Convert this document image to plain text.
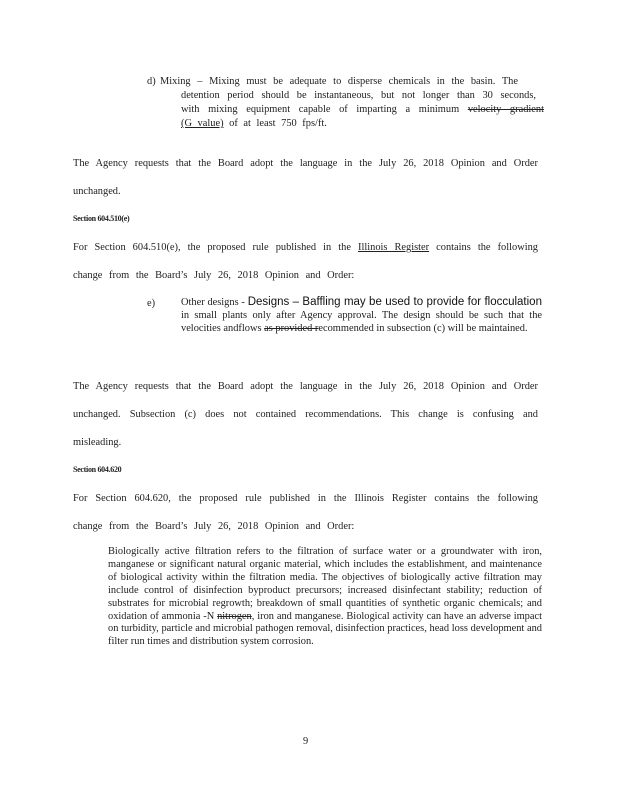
d) Mixing – Mixing must be adequate to disperse chemicals in the basin. The
detention period should be instantaneous, but not longer than 30 seconds,
with mixing equipment capable of imparting a minimum velocity gradient
(G value) of at least 750 fps/ft.
The Agency requests that the Board adopt the language in the July 26, 2018 Opinion and Order
unchanged.
Section 604.510(e)
For Section 604.510(e), the proposed rule published in the Illinois Register contains the following
change from the Board’s July 26, 2018 Opinion and Order:
e) Other designs - Designs – Baffling may be used to provide for flocculation in small plants only after Agency approval. The design should be such that the velocities andflows as provided recommended in subsection (c) will be maintained.
The Agency requests that the Board adopt the language in the July 26, 2018 Opinion and Order
unchanged. Subsection (c) does not contained recommendations. This change is confusing and
misleading.
Section 604.620
For Section 604.620, the proposed rule published in the Illinois Register contains the following
change from the Board’s July 26, 2018 Opinion and Order:
Biologically active filtration refers to the filtration of surface water or a groundwater with iron, manganese or significant natural organic material, which includes the establishment, and maintenance of biological activity within the filtration media. The objectives of biologically active filtration may include control of disinfection byproduct precursors; increased disinfectant stability; reduction of substrates for microbial regrowth; breakdown of small quantities of synthetic organic chemicals; and oxidation of ammonia -N nitrogen, iron and manganese. Biological activity can have an adverse impact on turbidity, particle and microbial pathogen removal, disinfection practices, head loss development and filter run times and distribution system corrosion.
9
